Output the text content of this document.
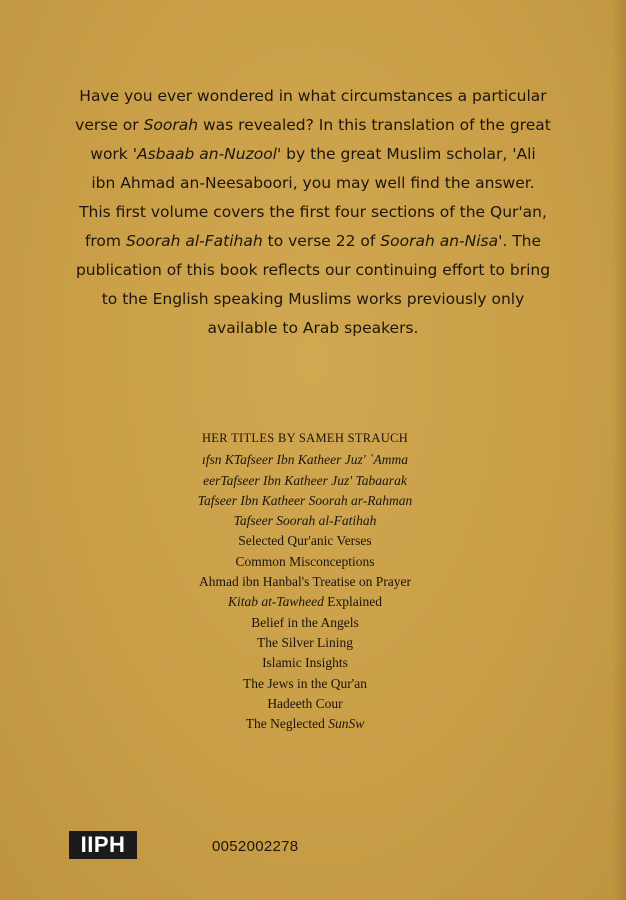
Have you ever wondered in what circumstances a particular

verse or Soorah was revealed? In this translation of the great

work 'Asbaab an-Nuzool' by the great Muslim scholar, 'Ali

ibn Ahmad an-Neesaboori, you may well find the answer.

This first volume covers the first four sections of the Qur'an,

from Soorah al-Fatihah to verse 22 of Soorah an-Nisa'. The

publication of this book reflects our continuing effort to bring

to the English speaking Muslims works previously only

available to Arab speakers.

HER TITLES BY SAMEH STRAUCH
ıfsn KTafseer Ibn Katheer Juz' `Amma
eerTafseer Ibn Katheer Juz' Tabaarak
Tafseer Ibn Katheer Soorah ar-Rahman
Tafseer Soorah al-Fatihah
Selected Qur'anic Verses
Common Misconceptions
Ahmad ibn Hanbal's Treatise on Prayer
Kitab at-Tawheed Explained
Belief in the Angels
The Silver Lining
Islamic Insights
The Jews in the Qur'an
Hadeeth Cour
The Neglected SunSw
IIPH	0052002278
